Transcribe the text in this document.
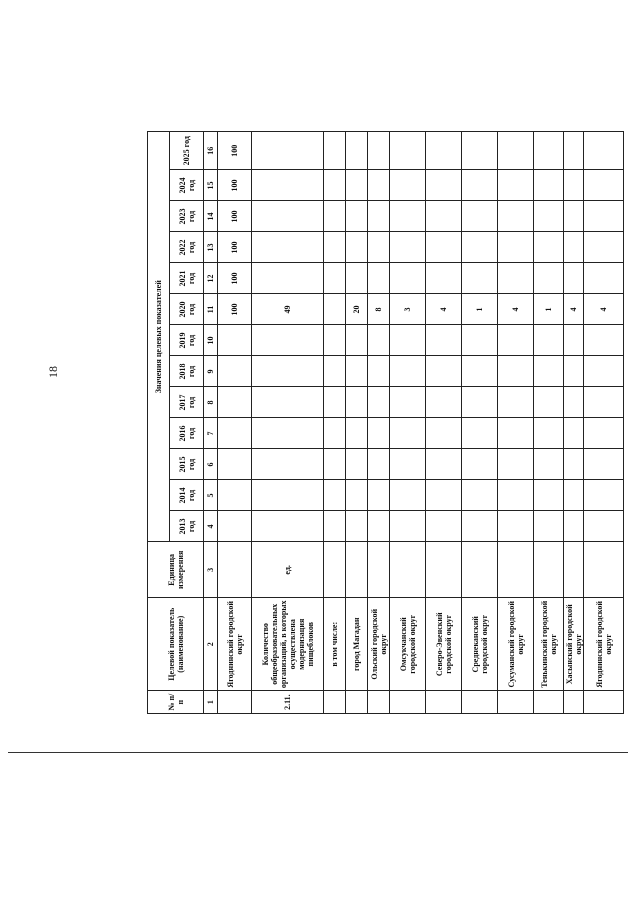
18
№ п/п	Целевой показатель (наименование)	Единица измерения	Значения целевых показателей												
			2013 год	2014 год	2015 год	2016 год	2017 год	2018 год	2019 год	2020 год	2021 год	2022 год	2023 год	2024 год	2025 год
1	2	3	4	5	6	7	8	9	10	11	12	13	14	15	16
	Ягоднинский городской округ									100	100	100	100	100	100
2.11.	Количество общеобразовательных организаций, в которых осуществлена модернизация пищеблоков	ед.								49					
	в том числе:														
	город Магадан									20					
	Ольский городской округ									8					
	Омсукчанский городской округ									3					
	Северо-Эвенский городской округ									4					
	Среднеканский городской округ									1					
	Сусуманский городской округ									4					
	Тенькинский городской округ									1					
	Хасынский городской округ									4					
	Ягоднинский городской округ									4					
